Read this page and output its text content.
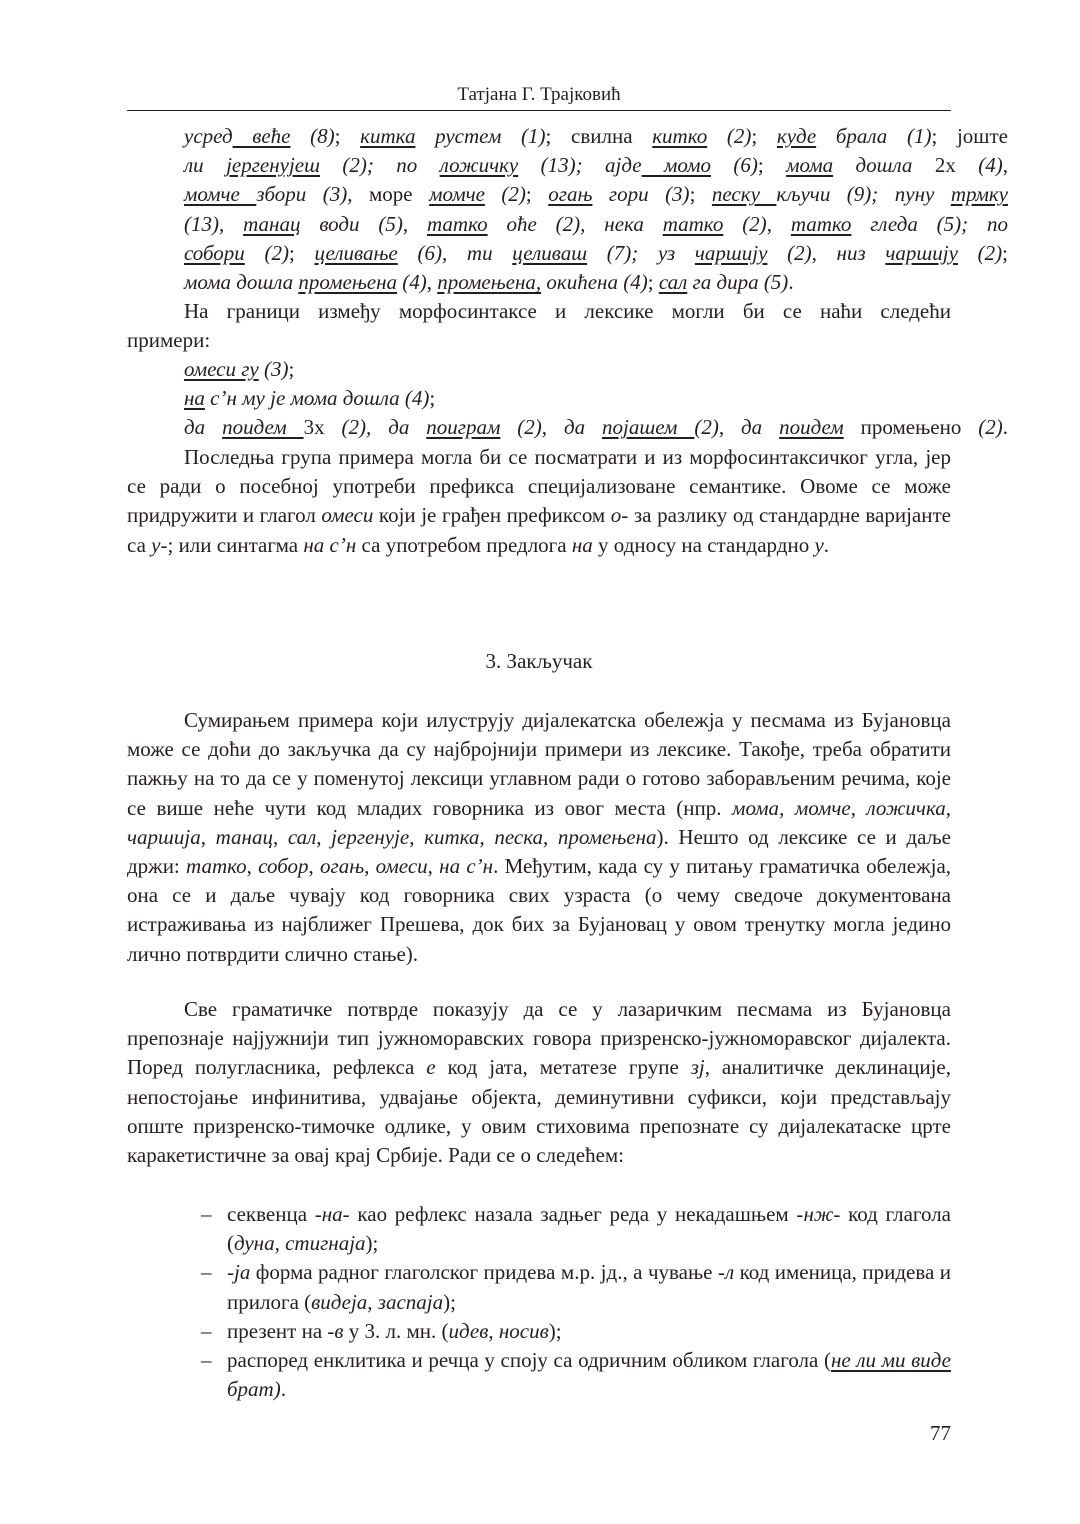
Татјана Г. Трајковић
усред веће (8); китка рустем (1); свилна китко (2); куде брала (1); јоште
ли јергенујеш (2); по ложичку (13); ајде момо (6); мома дошла 2х (4),
момче збори (3), море момче (2); огањ гори (3); песку кључи (9); пуну трмку
(13), танац води (5), татко оће (2), нека татко (2), татко гледа (5); по
собори (2); целивање (6), ти целиваш (7); уз чаршију (2), низ чаршију (2);
мома дошла промењена (4), промењена, окићена (4); сал га дира (5).
На граници између морфосинтаксе и лексике могли би се наћи следећи
примери:
омеси гу (3);
на с’н му је мома дошла (4);
да поидем 3х (2), да поиграм (2), да појашем (2), да поидем промењено (2).
Последња група примера могла би се посматрати и из морфосинтаксичког угла, јер се ради о посебној употреби префикса специјализоване семантике. Овоме се може придружити и глагол омеси који је грађен префиксом о- за разлику од стандардне варијанте са у-; или синтагма на с’н са употребом предлога на у односу на стандардно у.
3. Закључак
Сумирањем примера који илуструју дијалекатска обележја у песмама из Бујановца може се доћи до закључка да су најбројнији примери из лексике. Такође, треба обратити пажњу на то да се у поменутој лексици углавном ради о готово заборављеним речима, које се више неће чути код младих говорника из овог места (нпр. мома, момче, ложичка, чаршија, танац, сал, јергенује, китка, песка, промењена). Нешто од лексике се и даље држи: татко, собор, огањ, омеси, на с’н. Међутим, када су у питању граматичка обележја, она се и даље чувају код говорника свих узраста (о чему сведоче документована истраживања из најближег Прешева, док бих за Бујановац у овом тренутку могла једино лично потврдити слично стање).
Све граматичке потврде показују да се у лазаричким песмама из Бујановца препознаје најјужнији тип јужноморавских говора призренско-јужноморавског дијалекта. Поред полугласника, рефлекса е код јата, метатезе групе зј, аналитичке деклинације, непостојање инфинитива, удвајање објекта, деминутивни суфикси, који представљају опште призренско-тимочке одлике, у овим стиховима препознате су дијалекатаске црте каракетистичне за овај крај Србије. Ради се о следећем:
– секвенца -на- као рефлекс назала задњег реда у некадашњем -нж- код глагола (дуна, стигнаја);
– -ја форма радног глаголског придева м.р. јд., а чување -л код именица, придева и прилога (видеја, заспаја);
– презент на -в у 3. л. мн. (идев, носив);
– распоред енклитика и речца у споју са одричним обликом глагола (не ли ми виде брат).
77
